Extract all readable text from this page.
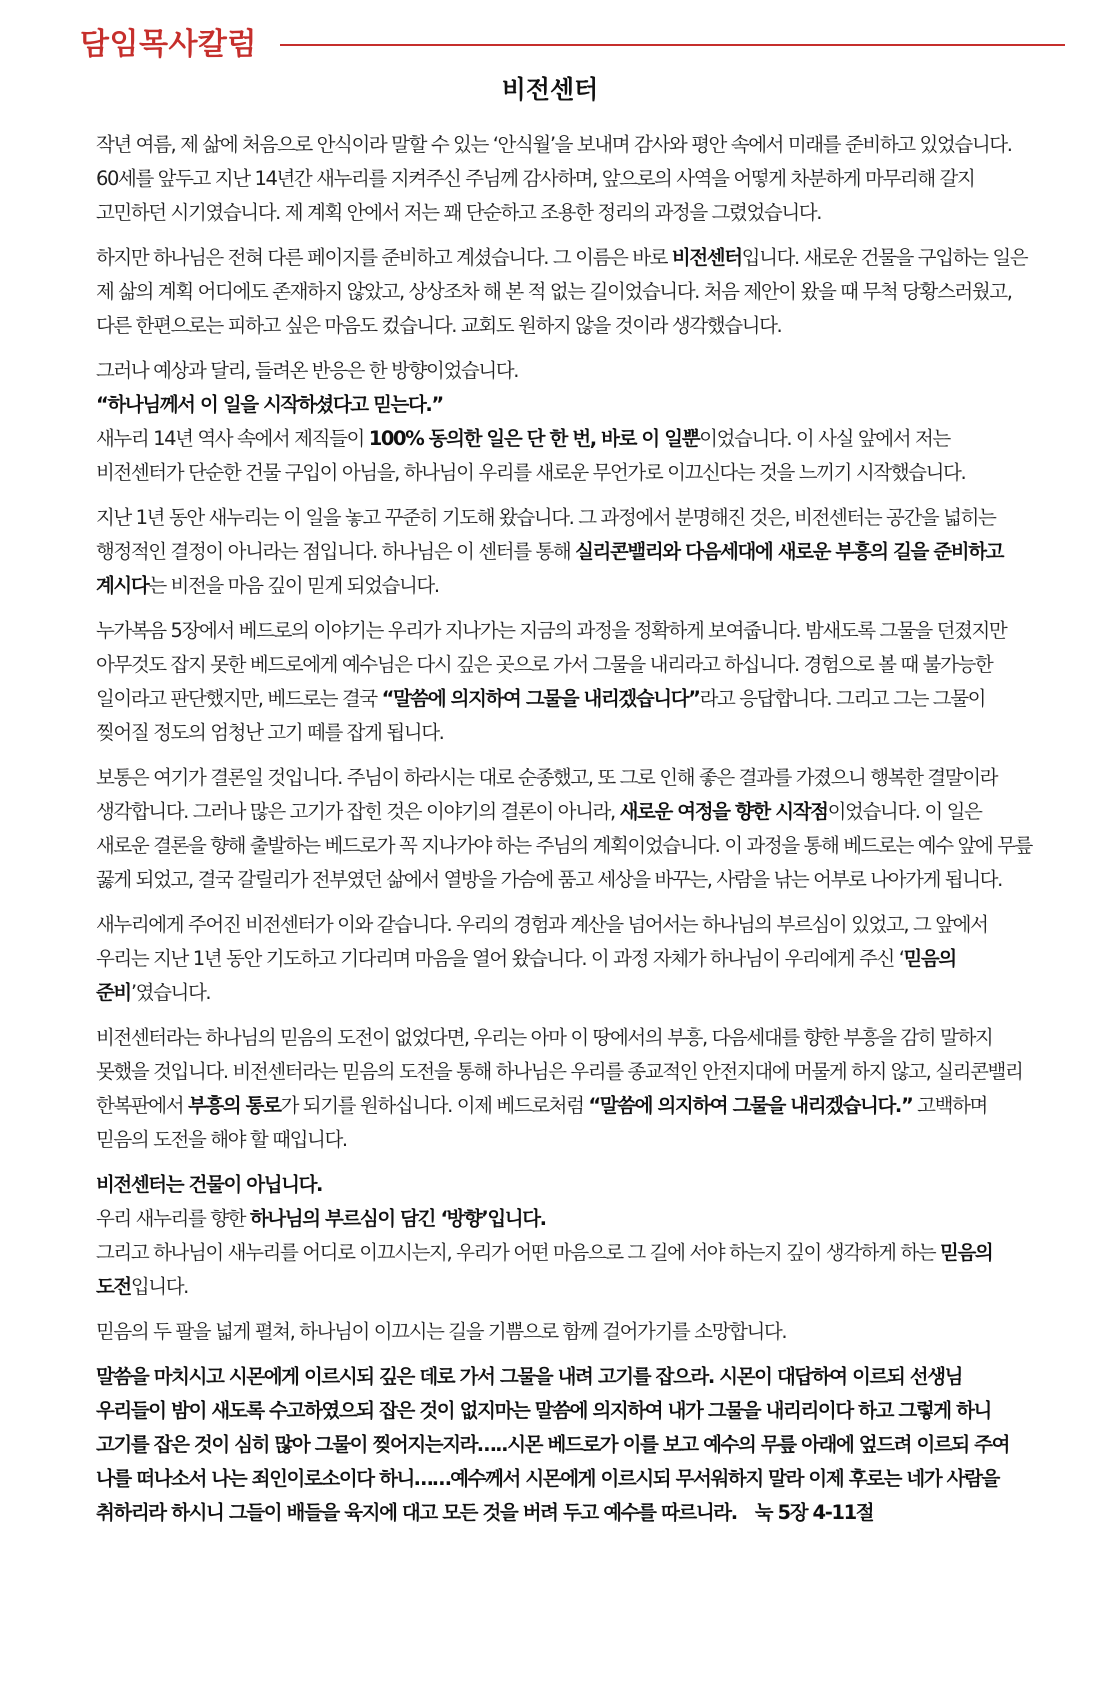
담임목사칼럼
비전센터

작년 여름, 제 삶에 처음으로 안식이라 말할 수 있는 ‘안식월’을 보내며 감사와 평안 속에서 미래를 준비하고 있었습니다. 60세를 앞두고 지난 14년간 새누리를 지켜주신 주님께 감사하며, 앞으로의 사역을 어떻게 차분하게 마무리해 갈지 고민하던 시기였습니다. 제 계획 안에서 저는 꽤 단순하고 조용한 정리의 과정을 그렸었습니다.

하지만 하나님은 전혀 다른 페이지를 준비하고 계셨습니다. 그 이름은 바로 비전센터입니다. 새로운 건물을 구입하는 일은 제 삶의 계획 어디에도 존재하지 않았고, 상상조차 해 본 적 없는 길이었습니다. 처음 제안이 왔을 때 무척 당황스러웠고, 다른 한편으로는 피하고 싶은 마음도 컸습니다. 교회도 원하지 않을 것이라 생각했습니다.

그러나 예상과 달리, 들려온 반응은 한 방향이었습니다.
“하나님께서 이 일을 시작하셨다고 믿는다.”
새누리 14년 역사 속에서 제직들이 100% 동의한 일은 단 한 번, 바로 이 일뿐이었습니다. 이 사실 앞에서 저는 비전센터가 단순한 건물 구입이 아님을, 하나님이 우리를 새로운 무언가로 이끄신다는 것을 느끼기 시작했습니다.

지난 1년 동안 새누리는 이 일을 놓고 꾸준히 기도해 왔습니다. 그 과정에서 분명해진 것은, 비전센터는 공간을 넓히는 행정적인 결정이 아니라는 점입니다. 하나님은 이 센터를 통해 실리콘밸리와 다음세대에 새로운 부흥의 길을 준비하고 계시다는 비전을 마음 깊이 믿게 되었습니다.

누가복음 5장에서 베드로의 이야기는 우리가 지나가는 지금의 과정을 정확하게 보여줍니다. 밤새도록 그물을 던졌지만 아무것도 잡지 못한 베드로에게 예수님은 다시 깊은 곳으로 가서 그물을 내리라고 하십니다. 경험으로 볼 때 불가능한 일이라고 판단했지만, 베드로는 결국 “말씀에 의지하여 그물을 내리겠습니다”라고 응답합니다. 그리고 그는 그물이 찢어질 정도의 엄청난 고기 떼를 잡게 됩니다.

보통은 여기가 결론일 것입니다. 주님이 하라시는 대로 순종했고, 또 그로 인해 좋은 결과를 가졌으니 행복한 결말이라 생각합니다. 그러나 많은 고기가 잡힌 것은 이야기의 결론이 아니라, 새로운 여정을 향한 시작점이었습니다. 이 일은 새로운 결론을 향해 출발하는 베드로가 꼭 지나가야 하는 주님의 계획이었습니다. 이 과정을 통해 베드로는 예수 앞에 무릎 꿇게 되었고, 결국 갈릴리가 전부였던 삶에서 열방을 가슴에 품고 세상을 바꾸는, 사람을 낚는 어부로 나아가게 됩니다.

새누리에게 주어진 비전센터가 이와 같습니다. 우리의 경험과 계산을 넘어서는 하나님의 부르심이 있었고, 그 앞에서 우리는 지난 1년 동안 기도하고 기다리며 마음을 열어 왔습니다. 이 과정 자체가 하나님이 우리에게 주신 ‘믿음의 준비’였습니다.

비전센터라는 하나님의 믿음의 도전이 없었다면, 우리는 아마 이 땅에서의 부흥, 다음세대를 향한 부흥을 감히 말하지 못했을 것입니다. 비전센터라는 믿음의 도전을 통해 하나님은 우리를 종교적인 안전지대에 머물게 하지 않고, 실리콘밸리 한복판에서 부흥의 통로가 되기를 원하십니다. 이제 베드로처럼 “말씀에 의지하여 그물을 내리겠습니다.” 고백하며 믿음의 도전을 해야 할 때입니다.

비전센터는 건물이 아닙니다.
우리 새누리를 향한 하나님의 부르심이 담긴 ‘방향’입니다.
그리고 하나님이 새누리를 어디로 이끄시는지, 우리가 어떤 마음으로 그 길에 서야 하는지 깊이 생각하게 하는 믿음의 도전입니다.

믿음의 두 팔을 넓게 펼쳐, 하나님이 이끄시는 길을 기쁨으로 함께 걸어가기를 소망합니다.

말씀을 마치시고 시몬에게 이르시되 깊은 데로 가서 그물을 내려 고기를 잡으라. 시몬이 대답하여 이르되 선생님 우리들이 밤이 새도록 수고하였으되 잡은 것이 없지마는 말씀에 의지하여 내가 그물을 내리리이다 하고 그렇게 하니 고기를 잡은 것이 심히 많아 그물이 찢어지는지라…..시몬 베드로가 이를 보고 예수의 무릎 아래에 엎드려 이르되 주여 나를 떠나소서 나는 죄인이로소이다 하니……예수께서 시몬에게 이르시되 무서워하지 말라 이제 후로는 네가 사람을 취하리라 하시니 그들이 배들을 육지에 대고 모든 것을 버려 두고 예수를 따르니라. 눅 5장 4-11절
